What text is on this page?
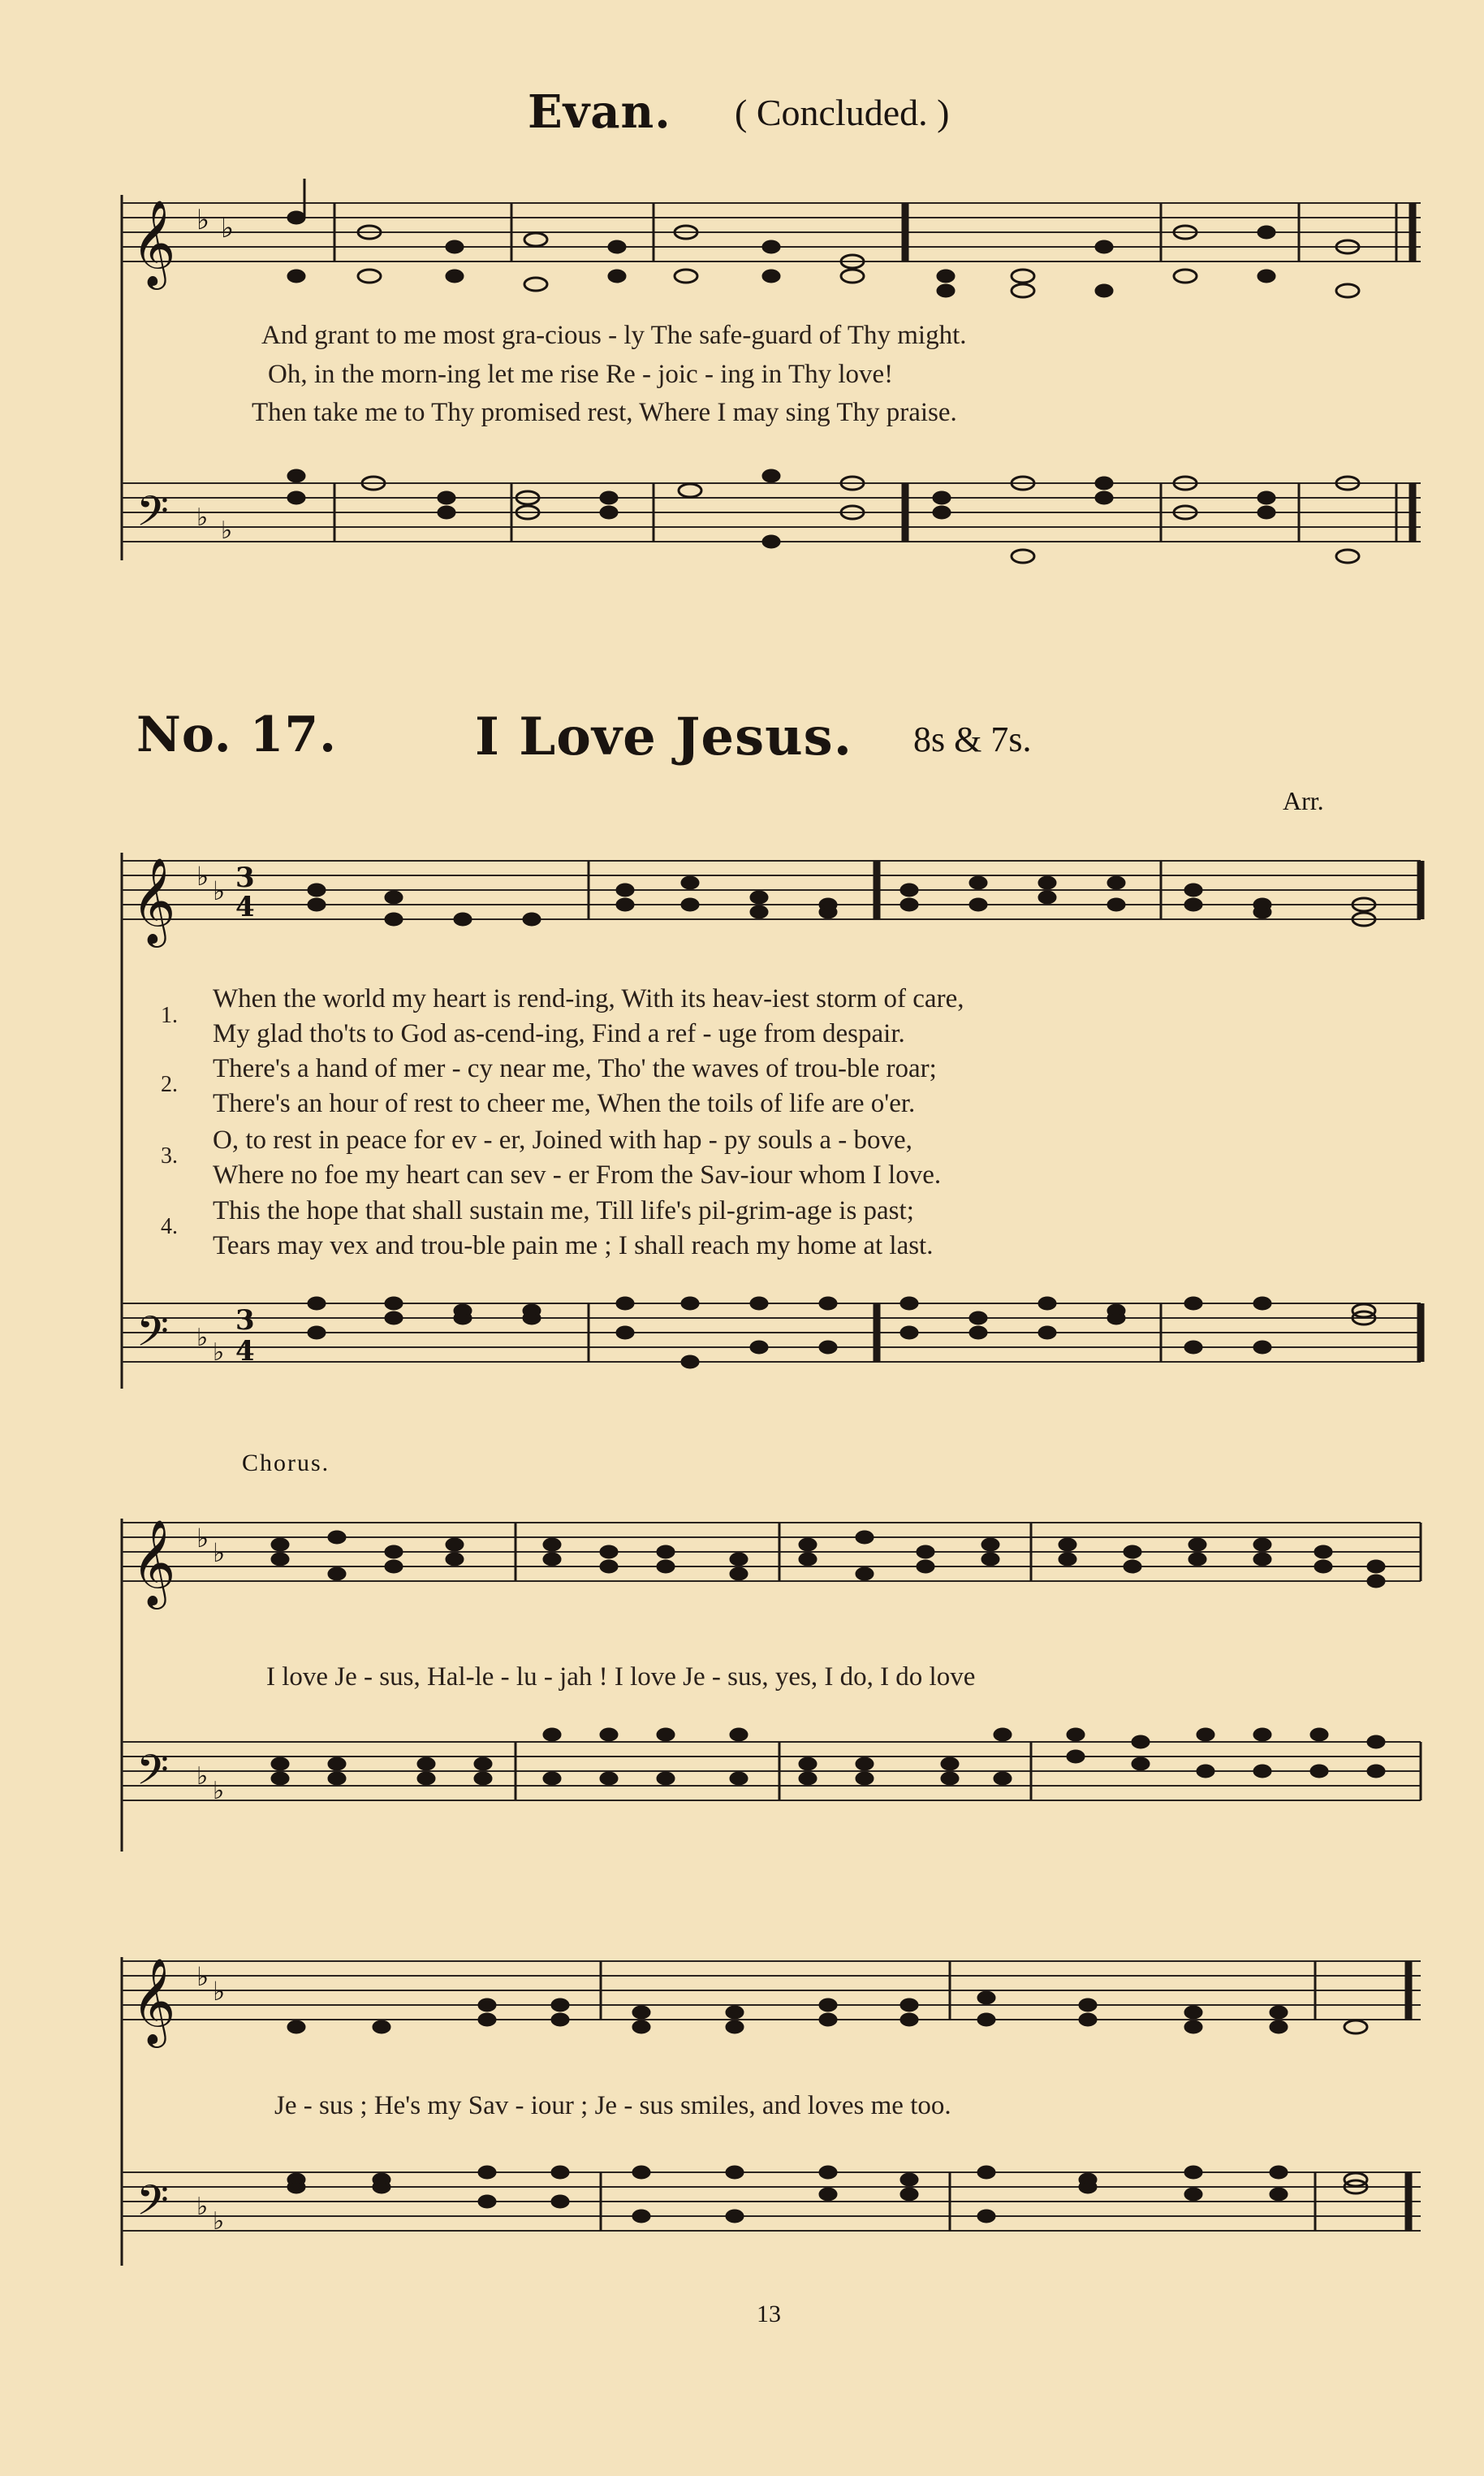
Evan. ( Concluded. )
𝄞 ♭ ♭
And grant to me most gra-cious - ly The safe-guard of Thy might.
Oh, in the morn-ing let me rise Re - joic - ing in Thy love!
Then take me to Thy promised rest, Where I may sing Thy praise.
𝄢 ♭ ♭
No. 17.	I Love Jesus. 8s & 7s.
Arr.
𝄞 ♭ ♭ 3
4
1.
When the world my heart is rend-ing, With its heav-iest storm of care,
My glad tho'ts to God as-cend-ing, Find a ref - uge from despair.
2.
There's a hand of mer - cy near me, Tho' the waves of trou-ble roar;
There's an hour of rest to cheer me, When the toils of life are o'er.
3.
O, to rest in peace for ev - er, Joined with hap - py souls a - bove,
Where no foe my heart can sev - er From the Sav-iour whom I love.
4.
This the hope that shall sustain me, Till life's pil-grim-age is past;
Tears may vex and trou-ble pain me ; I shall reach my home at last.
𝄢 ♭
♭
3
4
Chorus.
𝄞 ♭ ♭
I love Je - sus, Hal-le - lu - jah ! I love Je - sus, yes, I do, I do love
𝄢 ♭
♭
𝄞 ♭ ♭
Je - sus ; He's my Sav - iour ; Je - sus smiles, and loves me too.
𝄢 ♭
♭
13
